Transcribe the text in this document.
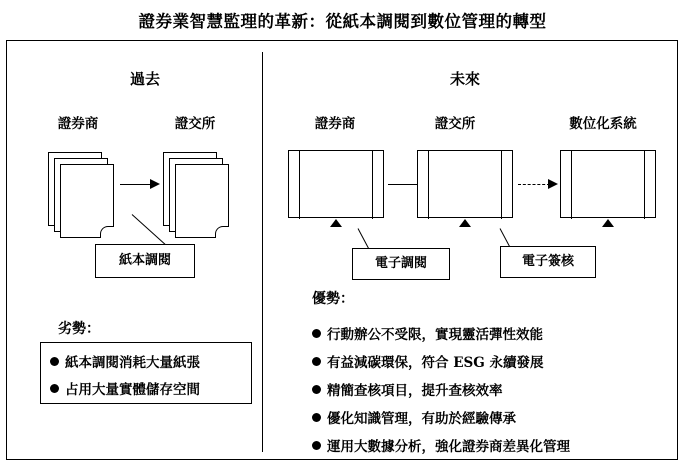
證券業智慧監理的革新：從紙本調閱到數位管理的轉型
過去
證券商	證交所
紙本調閱
劣勢：
紙本調閱消耗大量紙張
占用大量實體儲存空間
未來
證券商	證交所	數位化系統
電子調閱	電子簽核
優勢：
行動辦公不受限，實現靈活彈性效能
有益減碳環保，符合 ESG 永續發展
精簡查核項目，提升查核效率
優化知識管理，有助於經驗傳承
運用大數據分析，強化證券商差異化管理
